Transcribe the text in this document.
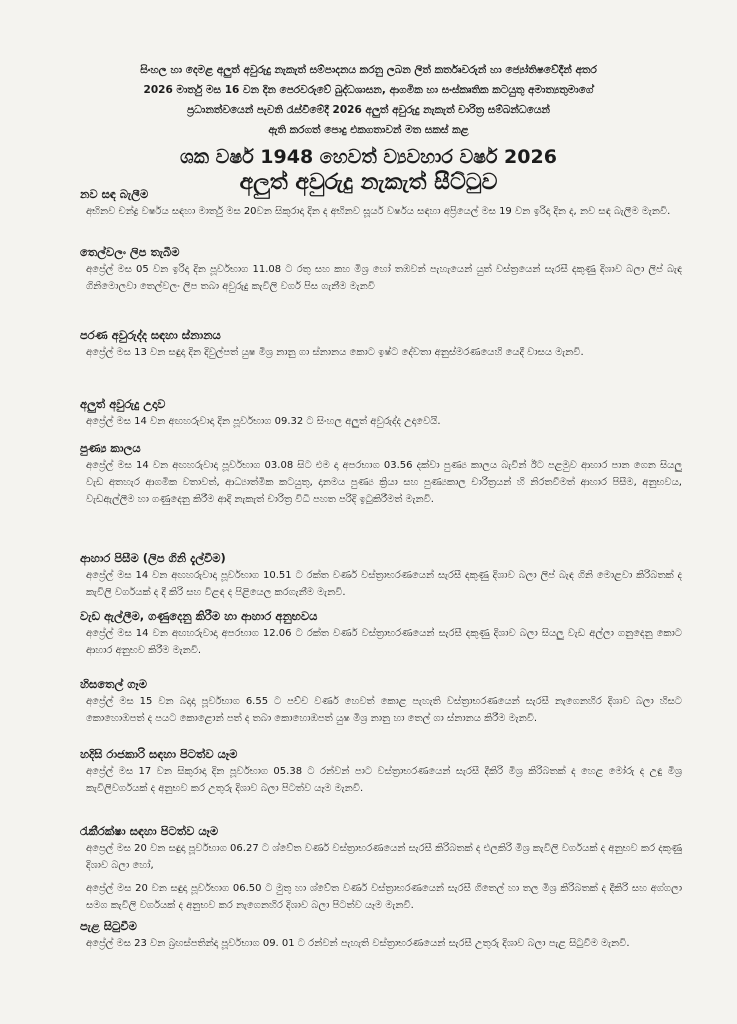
සිංහල හා දෙමළ අලුත් අවුරුදු නැකැත් සම්පාදනය කරනු ලබන ලිත් කර්තෘවරුන් හා ජ්‍යෝතිෂවේදීන් අතර
2026 මාර්තු මස 16 වන දින පෙරවරුවේ බුද්ධශාසන, ආගමික හා සංස්කෘතික කටයුතු අමාත්‍යතුමාගේ
ප්‍රධානත්වයෙන් පැවති රැස්වීමේදී 2026 අලුත් අවුරුදු නැකැත් චාරිත්‍ර සම්බන්ධයෙන්
ඇති කරගත් පොදු එකගතාවන් මත සකස් කළ
ශක වර්ෂ 1948 හෙවත් ව්‍යවහාර වර්ෂ 2026
අලුත් අවුරුදු නැකැත් සීට්ටුව
නව සඳ බැලීම

අභිනව චන්ද්‍ර වර්ෂය සඳහා මාර්තු මස 20වන සිකුරාදා දින ද අභිනව සූර්ය වර්ෂය සඳහා අප්‍රියෙල් මස 19 වන ඉරිදා දින ද, නව සඳ බැලීම මැනවි.

තෙල්වලං ලිප තැබීම

අප්‍රේල් මස 05 වන ඉරිදා දින පූර්වභාග 11.08 ට රතු සහ කහ මිශ්‍ර හෝ තඹවන් පැහැයෙන් යුත් වස්ත්‍රයෙන් සැරසී දකුණු දිශාව බලා ලිප් බැඳ ගිනිමොලවා තෙල්වලං ලිප තබා අවුරුදු කැවිලි වර්ග පිස ගැනීම මැනවි

පරණ අවුරුද්ද සඳහා ස්නානය

අප්‍රේල් මස 13 වන සඳුදා දින දිවුල්පත් යුෂ මිශ්‍ර නානු ගා ස්නානය කොට ඉෂ්ට දේවතා අනුස්මරණයෙහි යෙදී වාසය මැනවි.

අලුත් අවුරුදු උදාව

අප්‍රේල් මස 14 වන අඟහරුවාදා දින පූර්වභාග 09.32 ට සිංහල අලුත් අවුරුද්ද උදාවෙයි.

පුණ්‍ය කාලය

අප්‍රේල් මස 14 වන අඟහරුවාදා පූර්වභාග 03.08 සිට එම දා අපරභාග 03.56 දක්වා පුණ්‍ය කාලය බැවින් ඊට පළමුව ආහාර පාන ගෙන සියලු වැඩ අතහැර ආගමික වතාවත්, ආධ්‍යාත්මික කටයුතු, දානමය පුණ්‍ය ක්‍රියා සහ පුණ්‍යකාල චාරිත්‍රයන් හි නිරතවීමත් ආහාර පිසීම, අනුභවය, වැඩඇල්ලීම හා ගණුදෙනු කිරීම ආදි නැකැත් චාරිත්‍ර විධි පහත පරිදි ඉටුකිරීමත් මැනවි.

ආහාර පිසීම (ලිප ගිනි දැල්වීම)

අප්‍රේල් මස 14 වන අඟහරුවාදා පූර්වභාග 10.51 ට රක්ත වර්ණ වස්ත්‍රාභරණයෙන් සැරසී දකුණු දිශාව බලා ලිප් බැඳ ගිනි මොළවා කිරිබතක් ද කැවිලි වර්ගයක් ද දී කිරි සහ විළඳ ද පිළියෙල කරගැනීම මැනවි.

වැඩ ඇල්ලීම, ගණුදෙනු කිරීම හා ආහාර අනුභවය

අප්‍රේල් මස 14 වන අඟහරුවාදා අපරභාග 12.06 ට රක්ත වර්ණ වස්ත්‍රාභරණයෙන් සැරසී දකුණු දිශාව බලා සියලු වැඩ අල්ලා ගනුදෙනු කොට ආහාර අනුභව කිරීම මැනවි.

හිසතෙල් ගෑම

අප්‍රේල් මස 15 වන බදාදා පූර්වභාග 6.55 ට පච්ච වර්ණ හෙවත් කොළ පැහැති වස්ත්‍රාභරණයෙන් සැරසී නැගෙනහිර දිශාව බලා හිසට කොහොඹපත් ද පයට කොළොන් පත් ද තබා කොහොඹපත් යුෂ මිශ්‍ර නානු හා තෙල් ගා ස්නානය කිරීම මැනවි.

හදිසි රාජකාරි සඳහා පිටත්ව යෑම

අප්‍රේල් මස 17 වන සිකුරාදා දින පූර්වභාග 05.38 ට රන්වන් පාට වස්ත්‍රාභරණයෙන් සැරසී දීකිරි මිශ්‍ර කිරිබතක් ද හෙළ මෝරු ද උඳු මිශ්‍ර කැවිලිවර්ගයක් ද අනුභව කර උතුරු දිශාව බලා පිටත්ව යෑම මැනවි.

රැකීරක්ෂා සඳහා පිටත්ව යෑම

අප්‍රෙල් මස 20 වන සඳුදා පූර්වභාග 06.27 ට ශ්වේත වර්ණ වස්ත්‍රාභරණයෙන් සැරසී කිරිබතක් ද එලකිරි මිශ්‍ර කැවිලි වර්ගයක් ද අනුභව කර දකුණු දිශාව බලා හෝ,

අප්‍රේල් මස 20 වන සඳුදා පූර්වභාග 06.50 ට මුතු හා ශ්වේත වර්ණ වස්ත්‍රාභරණයෙන් සැරසී ගිතෙල් හා තල මිශ්‍ර කිරිබතක් ද දීකිරි සහ අග්ගලා සමග කැවිලි වර්ගයක් ද අනුභව කර නැගෙනහිර දිශාව බලා පිටත්ව යෑම මැනවි.

පැළ සිටුවීම

අප්‍රේල් මස 23 වන බ්‍රහස්පතින්දා පූර්වභාග 09. 01 ට රන්වන් පැහැති වස්ත්‍රාභරණයෙන් සැරසී උතුරු දිශාව බලා පැළ සිටුවීම මැනවි.
